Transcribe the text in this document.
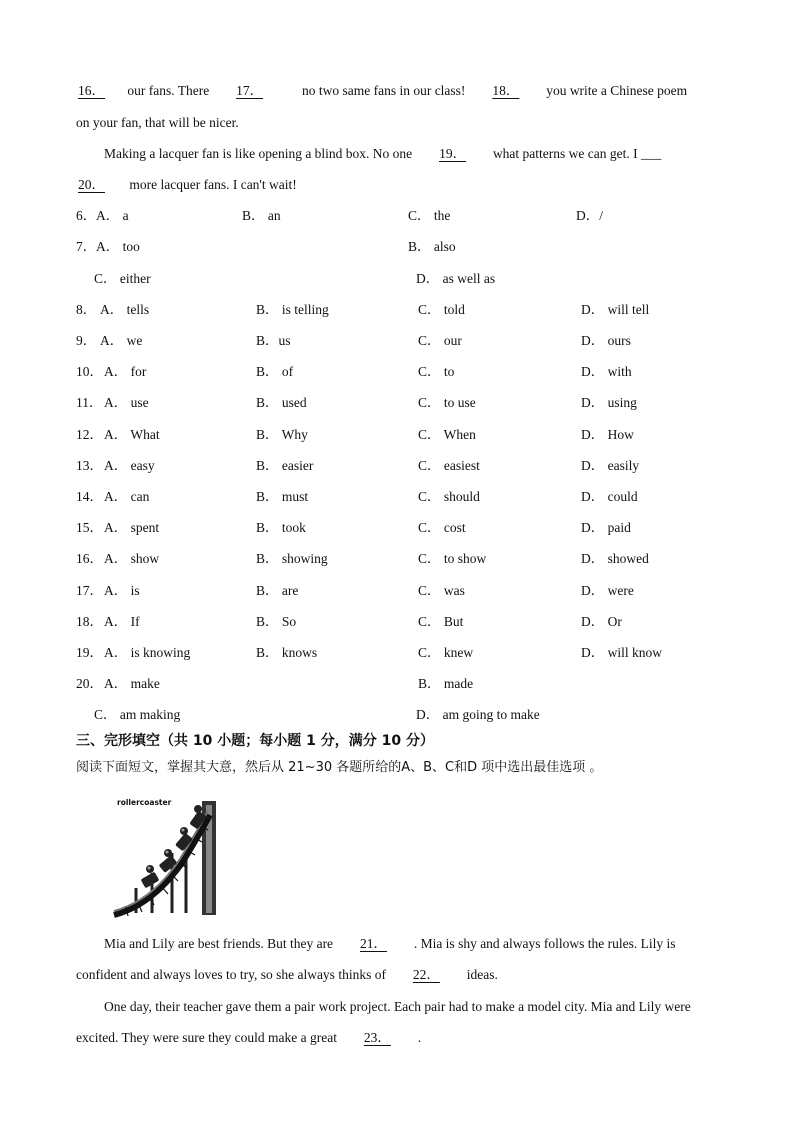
16． our fans. There 17．	no two same fans in our class! 18． you write a Chinese poem
on your fan, that will be nicer.
Making a lacquer fan is like opening a blind box. No one 19． what patterns we can get. I ___
20． more lacquer fans. I can't wait!
6． A． a	B． an	C． the	D．/
7． A． too	B． also
C． either	D． as well as
8． A． tells	B． is telling	C． told	D． will tell
9． A． we	B．us	C． our	D． ours
10． A． for	B． of	C． to	D． with
11． A． use	B． used	C． to use	D． using
12． A． What	B． Why	C． When	D． How
13． A． easy	B． easier	C． easiest	D． easily
14． A． can	B． must	C． should	D． could
15． A． spent	B． took	C． cost	D． paid
16． A． show	B． showing	C． to show	D． showed
17． A． is	B． are	C． was	D． were
18． A． If	B． So	C． But	D． Or
19． A． is knowing	B． knows	C． knew	D． will know
20． A． make	B． made
C． am making	D． am going to make
三、完形填空（共 10 小题；每小题 1 分，满分 10 分）
阅读下面短文，掌握其大意，然后从 21~30 各题所给的A、B、C和D 项中选出最佳选项 。
rollercoaster
Mia and Lily are best friends. But they are 21． . Mia is shy and always follows the rules. Lily is
confident and always loves to try, so she always thinks of 22． ideas.
One day, their teacher gave them a pair work project. Each pair had to make a model city. Mia and Lily were
excited. They were sure they could make a great 23． .
